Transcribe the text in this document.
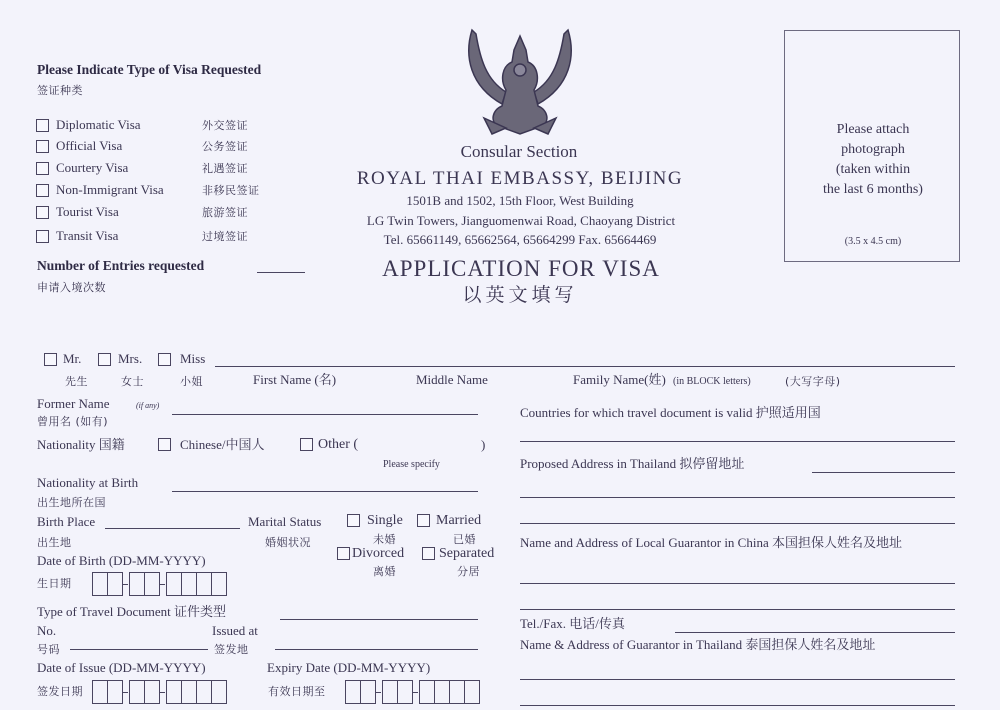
Please Indicate Type of Visa Requested
签证种类
Diplomatic Visa	外交签证
Official Visa	公务签证
Courtery Visa	礼遇签证
Non-Immigrant Visa	非移民签证
Tourist Visa	旅游签证
Transit Visa	过境签证
Number of Entries requested
申请入境次数
Consular Section
ROYAL THAI EMBASSY, BEIJING
1501B and 1502, 15th Floor, West Building
LG Twin Towers, Jianguomenwai Road, Chaoyang District
Tel. 65661149, 65662564, 65664299 Fax. 65664469
APPLICATION FOR VISA
以英文填写
Please attach
photograph
(taken within
the last 6 months)
(3.5 x 4.5 cm)
Mr.	Mrs.	Miss
先生	女士	小姐	First Name (名)	Middle Name	Family Name(姓) (in BLOCK letters)	(大写字母)
Former Name	(if any)
曾用名 (如有)
Nationality 国籍	Chinese/中国人	Other (	)
Please specify
Nationality at Birth
出生地所在国
Birth Place
出生地
Marital Status
婚姻状况
Single
未婚
Married
已婚
Divorced
离婚
Separated
分居
Date of Birth (DD-MM-YYYY)
生日期
Type of Travel Document 证件类型
No.
号码
Issued at
签发地
Date of Issue (DD-MM-YYYY)
签发日期
Expiry Date (DD-MM-YYYY)
有效日期至
Countries for which travel document is valid 护照适用国
Proposed Address in Thailand 拟停留地址
Name and Address of Local Guarantor in China 本国担保人姓名及地址
Tel./Fax. 电话/传真
Name & Address of Guarantor in Thailand 泰国担保人姓名及地址
